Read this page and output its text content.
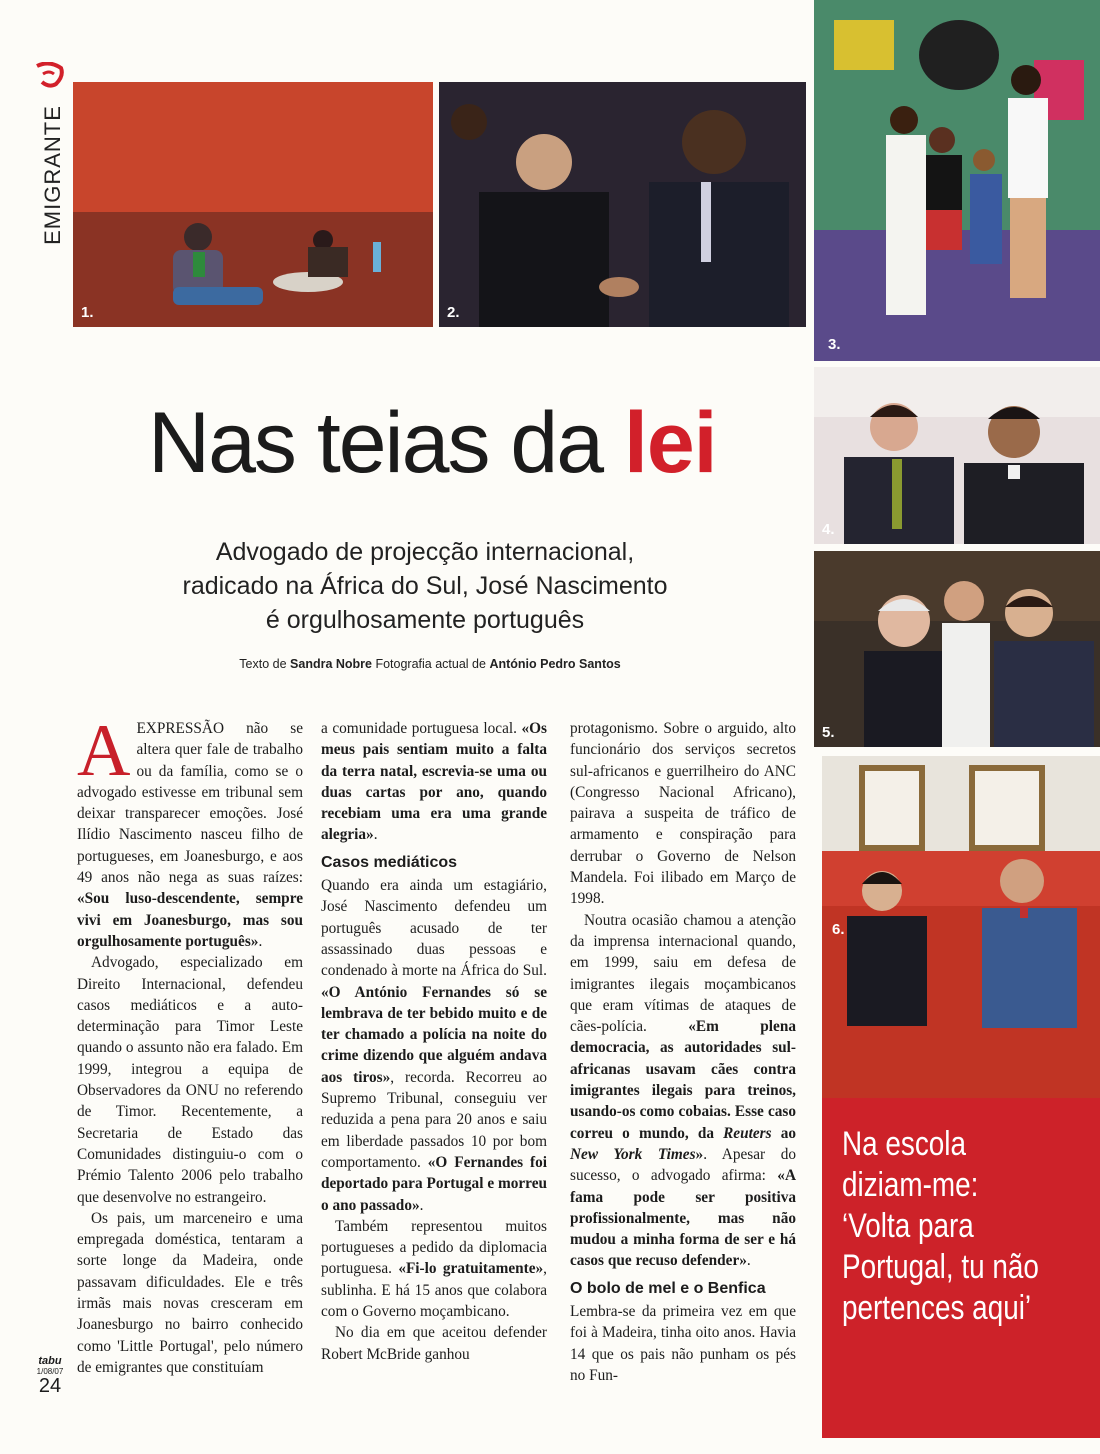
EMIGRANTE
1.	2.
3.
4.
5.
6.
Nas teias da lei
Advogado de projecção internacional,
radicado na África do Sul, José Nascimento
é orgulhosamente português
Texto de Sandra Nobre Fotografia actual de António Pedro Santos

AEXPRESSÃO não se altera quer fale de trabalho ou da família, como se o advogado estivesse em tribunal sem deixar transparecer emoções. José Ilídio Nascimento nasceu filho de portugueses, em Joanesburgo, e aos 49 anos não nega as suas raízes: «Sou luso-descendente, sempre vivi em Joanesburgo, mas sou orgulhosamente português».

Advogado, especializado em Direito Internacional, defendeu casos mediáticos e a auto-determinação para Timor Leste quando o assunto não era falado. Em 1999, integrou a equipa de Observadores da ONU no referendo de Timor. Recentemente, a Secretaria de Estado das Comunidades distinguiu-o com o Prémio Talento 2006 pelo trabalho que desenvolve no estrangeiro.

Os pais, um marceneiro e uma empregada doméstica, tentaram a sorte longe da Madeira, onde passavam dificuldades. Ele e três irmãs mais novas cresceram em Joanesburgo no bairro conhecido como 'Little Portugal', pelo número de emigrantes que constituíam

a comunidade portuguesa local. «Os meus pais sentiam muito a falta da terra natal, escrevia-se uma ou duas cartas por ano, quando recebiam uma era uma grande alegria».

Casos mediáticos

Quando era ainda um estagiário, José Nascimento defendeu um português acusado de ter assassinado duas pessoas e condenado à morte na África do Sul. «O António Fernandes só se lembrava de ter bebido muito e de ter chamado a polícia na noite do crime dizendo que alguém andava aos tiros», recorda. Recorreu ao Supremo Tribunal, conseguiu ver reduzida a pena para 20 anos e saiu em liberdade passados 10 por bom comportamento. «O Fernandes foi deportado para Portugal e morreu o ano passado».

Também representou muitos portugueses a pedido da diplomacia portuguesa. «Fi-lo gratuitamente», sublinha. E há 15 anos que colabora com o Governo moçambicano.

No dia em que aceitou defender Robert McBride ganhou

protagonismo. Sobre o arguido, alto funcionário dos serviços secretos sul-africanos e guerrilheiro do ANC (Congresso Nacional Africano), pairava a suspeita de tráfico de armamento e conspiração para derrubar o Governo de Nelson Mandela. Foi ilibado em Março de 1998.

Noutra ocasião chamou a atenção da imprensa internacional quando, em 1999, saiu em defesa de imigrantes ilegais moçambicanos que eram vítimas de ataques de cães-polícia. «Em plena democracia, as autoridades sul-africanas usavam cães contra imigrantes ilegais para treinos, usando-os como cobaias. Esse caso correu o mundo, da Reuters ao New York Times». Apesar do sucesso, o advogado afirma: «A fama pode ser positiva profissionalmente, mas não mudou a minha forma de ser e há casos que recuso defender».

O bolo de mel e o Benfica

Lembra-se da primeira vez em que foi à Madeira, tinha oito anos. Havia 14 que os pais não punham os pés no Fun-

Na escola diziam-me: ‘Volta para Portugal, tu não pertences aqui’
tabu
1/08/07
24
